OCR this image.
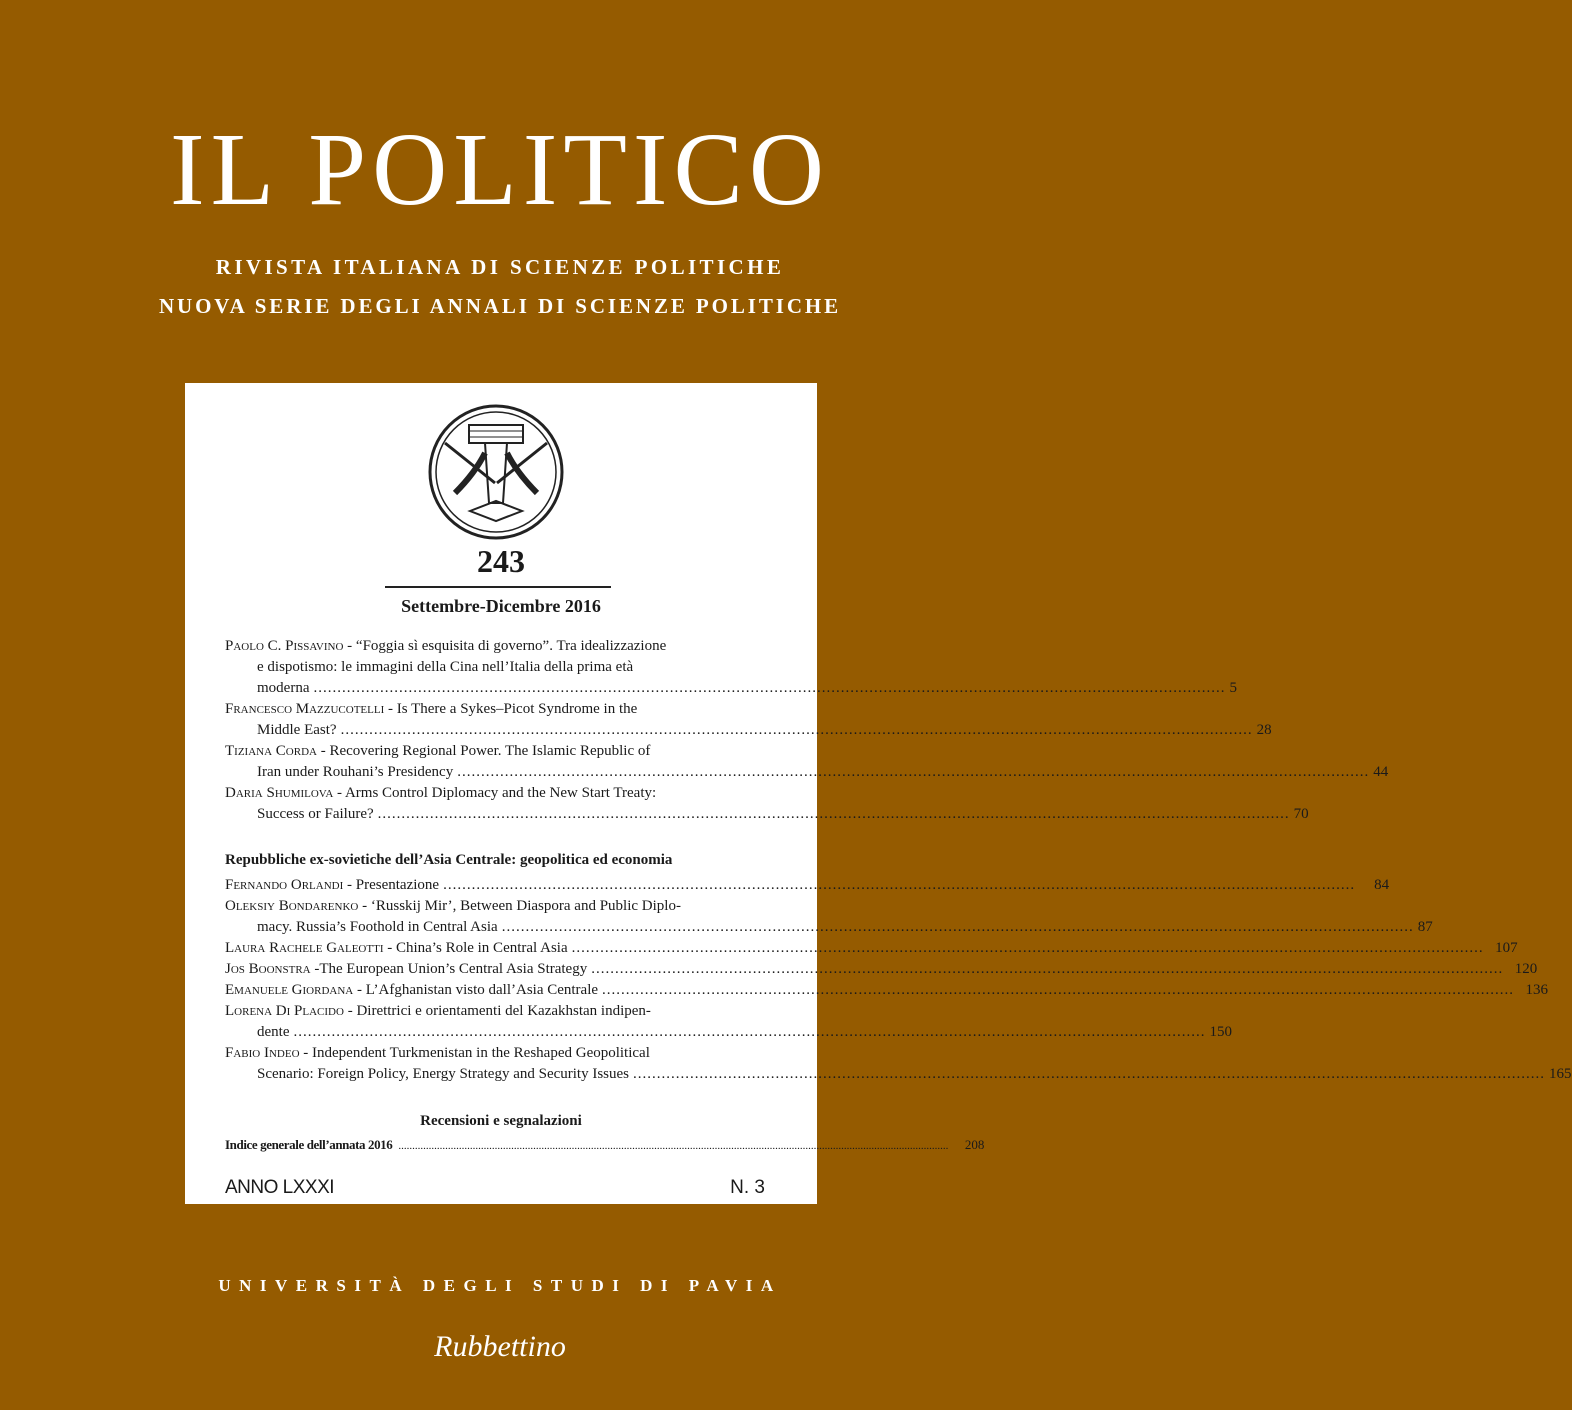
IL POLITICO
RIVISTA ITALIANA DI SCIENZE POLITICHE
NUOVA SERIE DEGLI ANNALI DI SCIENZE POLITICHE
243
Settembre-Dicembre 2016
Paolo C. Pissavino - “Foggia sì esquisita di governo”. Tra idealizzazione
e dispotismo: le immagini della Cina nell’Italia della prima età
moderna .....	5
Francesco Mazzucotelli - Is There a Sykes–Picot Syndrome in the
Middle East? .....	28
Tiziana Corda - Recovering Regional Power. The Islamic Republic of
Iran under Rouhani’s Presidency .....	44
Daria Shumilova - Arms Control Diplomacy and the New Start Treaty:
Success or Failure? .....	70
Repubbliche ex-sovietiche dell’Asia Centrale: geopolitica ed economia
Fernando Orlandi - Presentazione .....	84
Oleksiy Bondarenko - ‘Russkij Mir’, Between Diaspora and Public Diplo-
macy. Russia’s Foothold in Central Asia .....	87
Laura Rachele Galeotti - China’s Role in Central Asia .....	107
Jos Boonstra -The European Union’s Central Asia Strategy .....	120
Emanuele Giordana - L’Afghanistan visto dall’Asia Centrale .....	136
Lorena Di Placido - Direttrici e orientamenti del Kazakhstan indipen-
dente .....	150
Fabio Indeo - Independent Turkmenistan in the Reshaped Geopolitical
Scenario: Foreign Policy, Energy Strategy and Security Issues .....	165
Recensioni e segnalazioni
Indice generale dell’annata 2016 .....	208
ANNO LXXXI	N. 3
UNIVERSITÀ DEGLI STUDI DI PAVIA
Rubbettino
